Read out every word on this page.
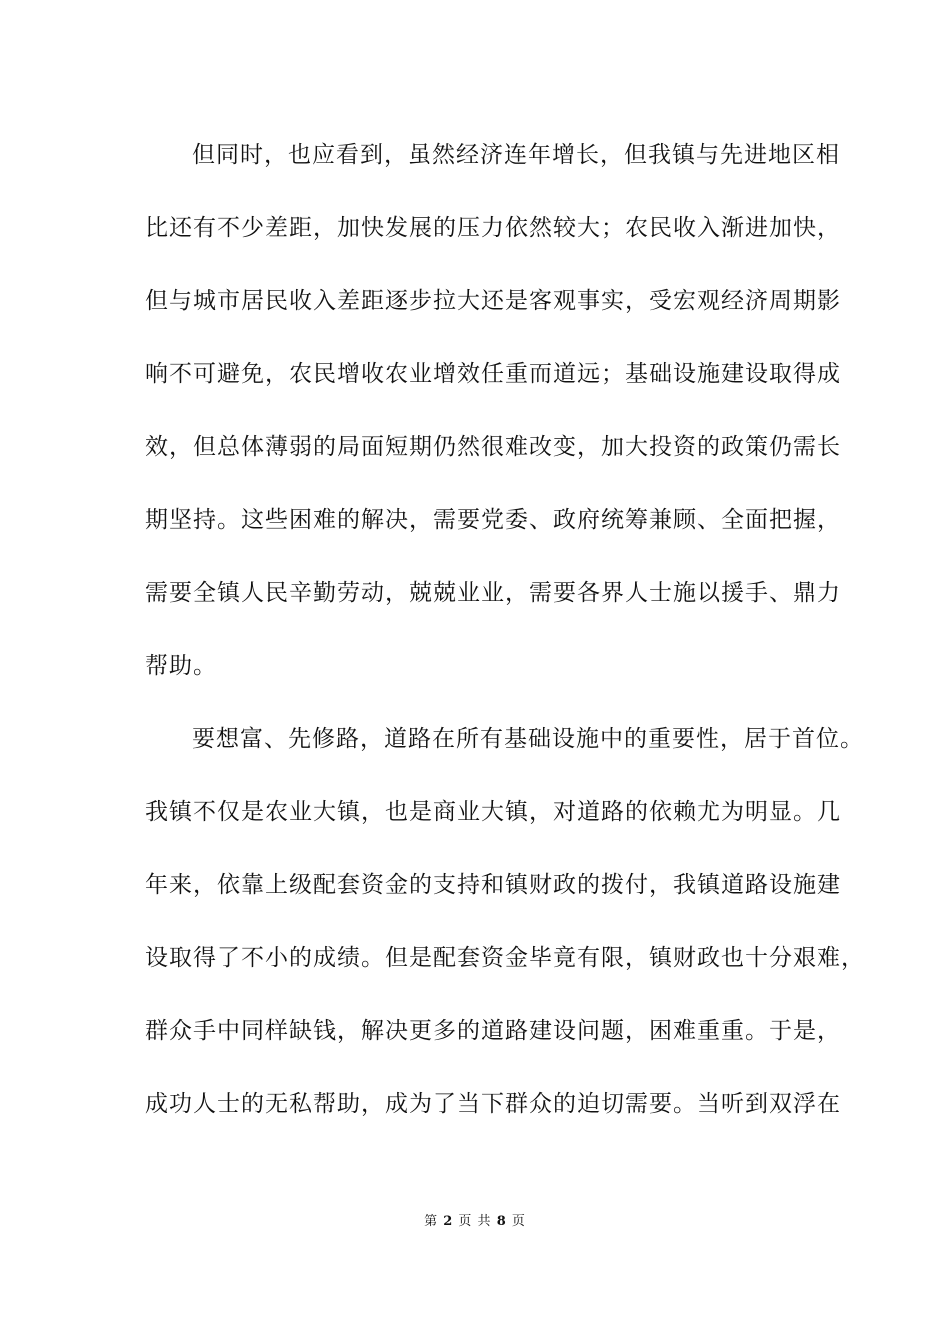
但同时，也应看到，虽然经济连年增长，但我镇与先进地区相
比还有不少差距，加快发展的压力依然较大；农民收入渐进加快，
但与城市居民收入差距逐步拉大还是客观事实，受宏观经济周期影
响不可避免，农民增收农业增效任重而道远；基础设施建设取得成
效，但总体薄弱的局面短期仍然很难改变，加大投资的政策仍需长
期坚持。这些困难的解决，需要党委、政府统筹兼顾、全面把握，
需要全镇人民辛勤劳动，兢兢业业，需要各界人士施以援手、鼎力
帮助。
要想富、先修路，道路在所有基础设施中的重要性，居于首位。
我镇不仅是农业大镇，也是商业大镇，对道路的依赖尤为明显。几
年来，依靠上级配套资金的支持和镇财政的拨付，我镇道路设施建
设取得了不小的成绩。但是配套资金毕竟有限，镇财政也十分艰难，
群众手中同样缺钱，解决更多的道路建设问题，困难重重。于是，
成功人士的无私帮助，成为了当下群众的迫切需要。当听到双浮在
第 2 页 共 8 页
